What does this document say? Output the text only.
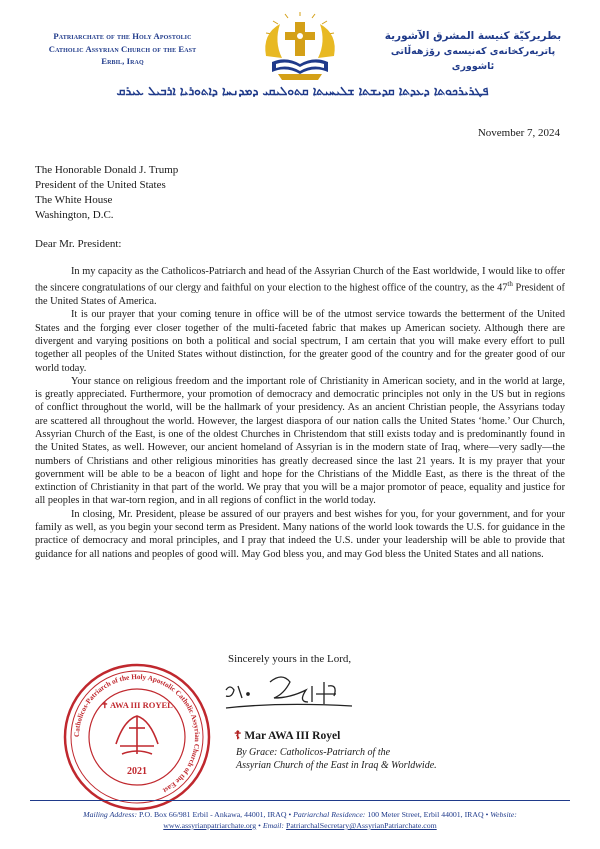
Patriarchate of the Holy Apostolic
Catholic Assyrian Church of the East
Erbil, Iraq
بطريركيّة كنيسة المشرق الآشورية
پاتريەركخانەی کەنیسەی رۆژهەڵاتی ئاشووری
ܦܛܪܝܪܟܘܬܐ ܕܥܕܬܐ ܩܕܝܫܬܐ ܫܠܝܚܝܬܐ ܩܬܘܠܝܩܝ ܕܡܕܢܚܐ ܕܐܬܘܪܝܐ ܐܪܒܝܠ ܥܝܪܩ
November 7, 2024
The Honorable Donald J. Trump
President of the United States
The White House
Washington, D.C.
Dear Mr. President:

In my capacity as the Catholicos-Patriarch and head of the Assyrian Church of the East worldwide, I would like to offer the sincere congratulations of our clergy and faithful on your election to the highest office of the country, as the 47th President of the United States of America.

It is our prayer that your coming tenure in office will be of the utmost service towards the betterment of the United States and the forging ever closer together of the multi-faceted fabric that makes up American society. Although there are divergent and varying positions on both a political and social spectrum, I am certain that you will make every effort to pull together all peoples of the United States without distinction, for the greater good of the country and for the greater good of our world today.

Your stance on religious freedom and the important role of Christianity in American society, and in the world at large, is greatly appreciated. Furthermore, your promotion of democracy and democratic principles not only in the US but in regions of conflict throughout the world, will be the hallmark of your presidency. As an ancient Christian people, the Assyrians today are scattered all throughout the world. However, the largest diaspora of our nation calls the United States ‘home.’ Our Church, Assyrian Church of the East, is one of the oldest Churches in Christendom that still exists today and is predominantly found in the United States, as well. However, our ancient homeland of Assyrian is in the modern state of Iraq, where—very sadly—the numbers of Christians and other religious minorities has greatly decreased since the last 21 years. It is my prayer that your government will be able to be a beacon of light and hope for the Christians of the Middle East, as there is the threat of the extinction of Christianity in that part of the world. We pray that you will be a major promotor of peace, equality and justice for all peoples in that war-torn region, and in all regions of conflict in the world today.

In closing, Mr. President, please be assured of our prayers and best wishes for you, for your government, and for your family as well, as you begin your second term as President. Many nations of the world look towards the U.S. for guidance in the practice of democracy and moral principles, and I pray that indeed the U.S. under your leadership will be able to provide that guidance for all nations and peoples of good will. May God bless you, and may God bless the United States and all nations.

Sincerely yours in the Lord,
Catholicos-Patriarch of the Holy Apostolic Catholic Assyrian Church of the East
✝ AWA III ROYEL
2021
☦ Mar AWA III Royel
By Grace: Catholicos-Patriarch of the
Assyrian Church of the East in Iraq & Worldwide.
Mailing Address: P.O. Box 66/981 Erbil - Ankawa, 44001, IRAQ • Patriarchal Residence: 100 Meter Street, Erbil 44001, IRAQ • Website:
www.assyrianpatriarchate.org • Email: PatriarchalSecretary@AssyrianPatriarchate.com
